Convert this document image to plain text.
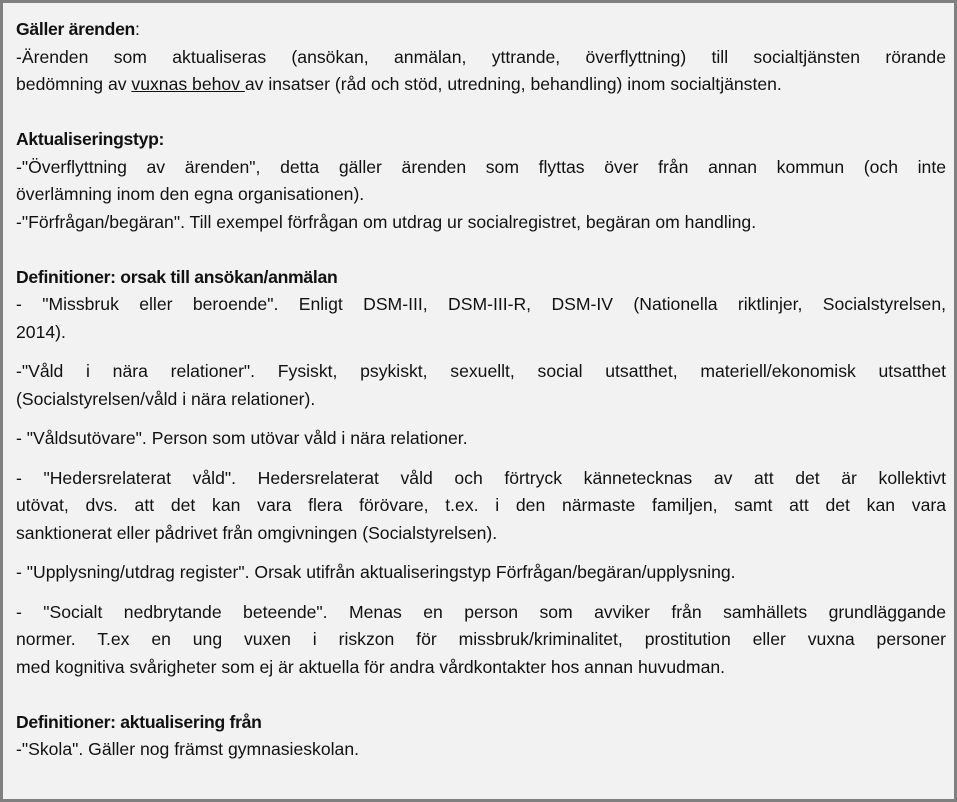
Gäller ärenden:
-Ärenden som aktualiseras (ansökan, anmälan, yttrande, överflyttning) till socialtjänsten rörande
bedömning av vuxnas behov av insatser (råd och stöd, utredning, behandling) inom socialtjänsten.
Aktualiseringstyp:
-"Överflyttning av ärenden", detta gäller ärenden som flyttas över från annan kommun (och inte
överlämning inom den egna organisationen).
-"Förfrågan/begäran". Till exempel förfrågan om utdrag ur socialregistret, begäran om handling.
Definitioner: orsak till ansökan/anmälan
- "Missbruk eller beroende". Enligt DSM-III, DSM-III-R, DSM-IV (Nationella riktlinjer, Socialstyrelsen,
2014).
-"Våld i nära relationer". Fysiskt, psykiskt, sexuellt, social utsatthet, materiell/ekonomisk utsatthet
(Socialstyrelsen/våld i nära relationer).
- "Våldsutövare". Person som utövar våld i nära relationer.
- "Hedersrelaterat våld". Hedersrelaterat våld och förtryck kännetecknas av att det är kollektivt
utövat, dvs. att det kan vara flera förövare, t.ex. i den närmaste familjen, samt att det kan vara
sanktionerat eller pådrivet från omgivningen (Socialstyrelsen).
- "Upplysning/utdrag register". Orsak utifrån aktualiseringstyp Förfrågan/begäran/upplysning.
- "Socialt nedbrytande beteende". Menas en person som avviker från samhällets grundläggande
normer. T.ex en ung vuxen i riskzon för missbruk/kriminalitet, prostitution eller vuxna personer
med kognitiva svårigheter som ej är aktuella för andra vårdkontakter hos annan huvudman.
Definitioner: aktualisering från
-"Skola". Gäller nog främst gymnasieskolan.
